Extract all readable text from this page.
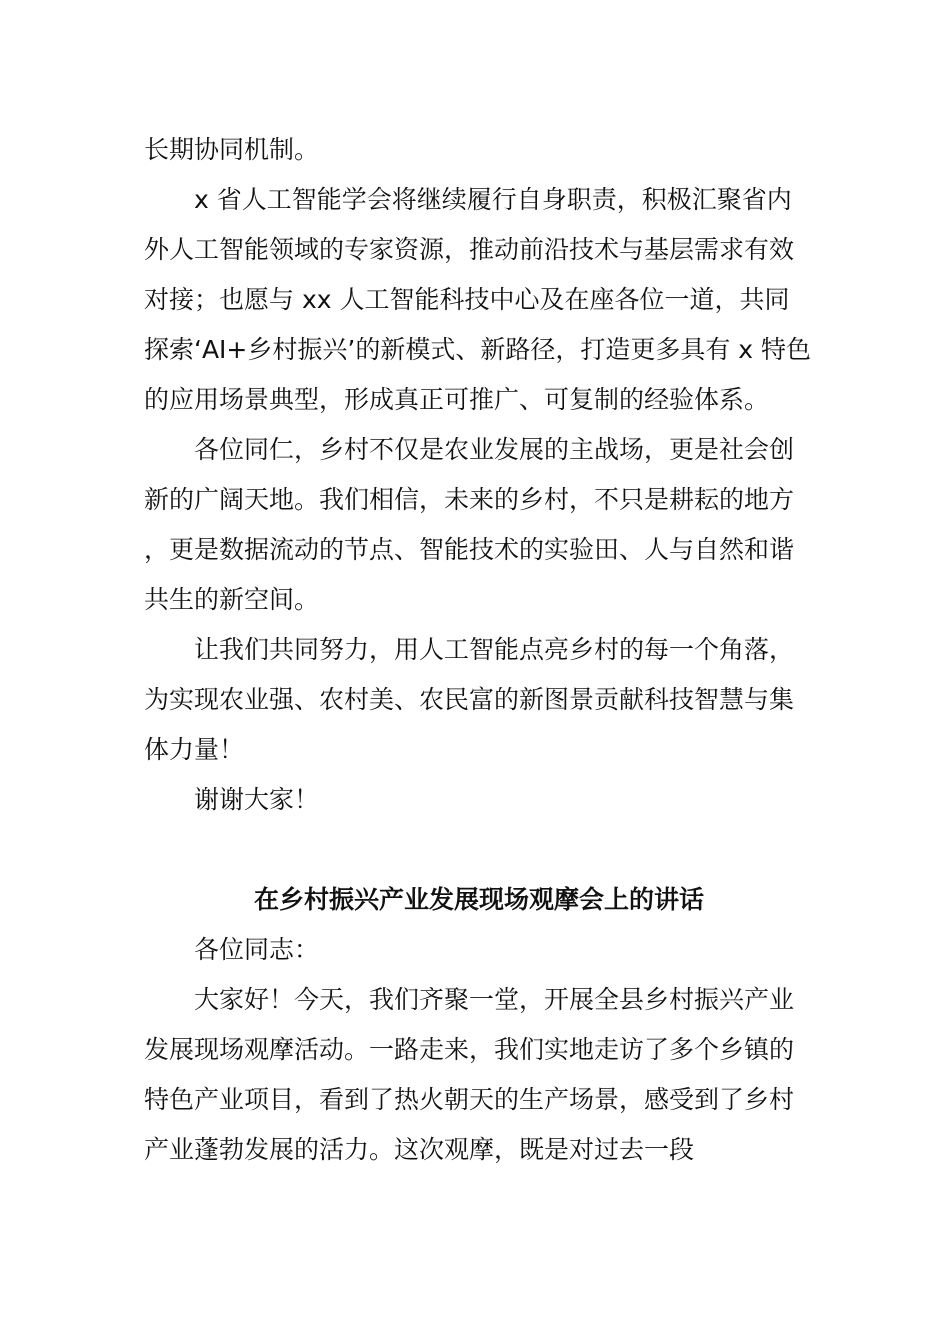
长期协同机制。

x 省人工智能学会将继续履行自身职责，积极汇聚省内外人工智能领域的专家资源，推动前沿技术与基层需求有效对接；也愿与 xx 人工智能科技中心及在座各位一道，共同探索‘AI+乡村振兴’的新模式、新路径，打造更多具有 x 特色的应用场景典型，形成真正可推广、可复制的经验体系。

各位同仁，乡村不仅是农业发展的主战场，更是社会创新的广阔天地。我们相信，未来的乡村，不只是耕耘的地方，更是数据流动的节点、智能技术的实验田、人与自然和谐共生的新空间。

让我们共同努力，用人工智能点亮乡村的每一个角落，为实现农业强、农村美、农民富的新图景贡献科技智慧与集体力量！

谢谢大家！

在乡村振兴产业发展现场观摩会上的讲话

各位同志：

大家好！今天，我们齐聚一堂，开展全县乡村振兴产业发展现场观摩活动。一路走来，我们实地走访了多个乡镇的特色产业项目，看到了热火朝天的生产场景，感受到了乡村产业蓬勃发展的活力。这次观摩，既是对过去一段
